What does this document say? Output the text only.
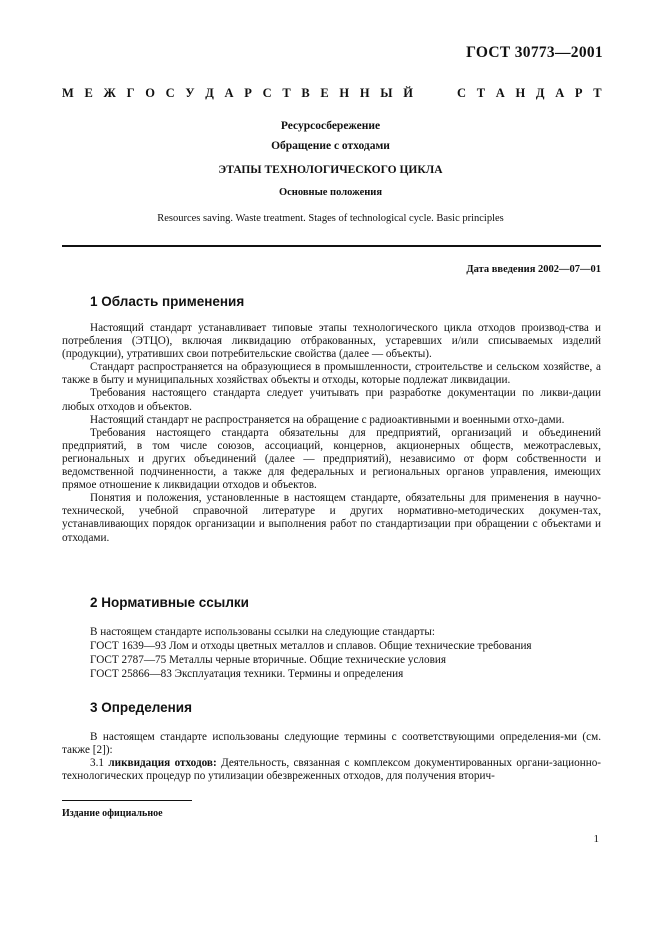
ГОСТ 30773—2001
М Е Ж Г О С У Д А Р С Т В Е Н Н Ы Й	С Т А Н Д А Р Т
Ресурсосбережение
Обращение с отходами
ЭТАПЫ ТЕХНОЛОГИЧЕСКОГО ЦИКЛА
Основные положения
Resources saving. Waste treatment. Stages of technological cycle. Basic principles
Дата введения 2002—07—01
1 Область применения

Настоящий стандарт устанавливает типовые этапы технологического цикла отходов производ-ства и потребления (ЭТЦО), включая ликвидацию отбракованных, устаревших и/или списываемых изделий (продукции), утративших свои потребительские свойства (далее — объекты).

Стандарт распространяется на образующиеся в промышленности, строительстве и сельском хозяйстве, а также в быту и муниципальных хозяйствах объекты и отходы, которые подлежат ликвидации.

Требования настоящего стандарта следует учитывать при разработке документации по ликви-дации любых отходов и объектов.

Настоящий стандарт не распространяется на обращение с радиоактивными и военными отхо-дами.

Требования настоящего стандарта обязательны для предприятий, организаций и объединений предприятий, в том числе союзов, ассоциаций, концернов, акционерных обществ, межотраслевых, региональных и других объединений (далее — предприятий), независимо от форм собственности и ведомственной подчиненности, а также для федеральных и региональных органов управления, имеющих прямое отношение к ликвидации отходов и объектов.

Понятия и положения, установленные в настоящем стандарте, обязательны для применения в научно-технической, учебной справочной литературе и других нормативно-методических докумен-тах, устанавливающих порядок организации и выполнения работ по стандартизации при обращении с объектами и отходами.

2 Нормативные ссылки
В настоящем стандарте использованы ссылки на следующие стандарты:
ГОСТ 1639—93 Лом и отходы цветных металлов и сплавов. Общие технические требования
ГОСТ 2787—75 Металлы черные вторичные. Общие технические условия
ГОСТ 25866—83 Эксплуатация техники. Термины и определения
3 Определения

В настоящем стандарте использованы следующие термины с соответствующими определения-ми (см. также [2]):

3.1 ликвидация отходов: Деятельность, связанная с комплексом документированных органи-зационно-технологических процедур по утилизации обезвреженных отходов, для получения вторич-

Издание официальное
1
